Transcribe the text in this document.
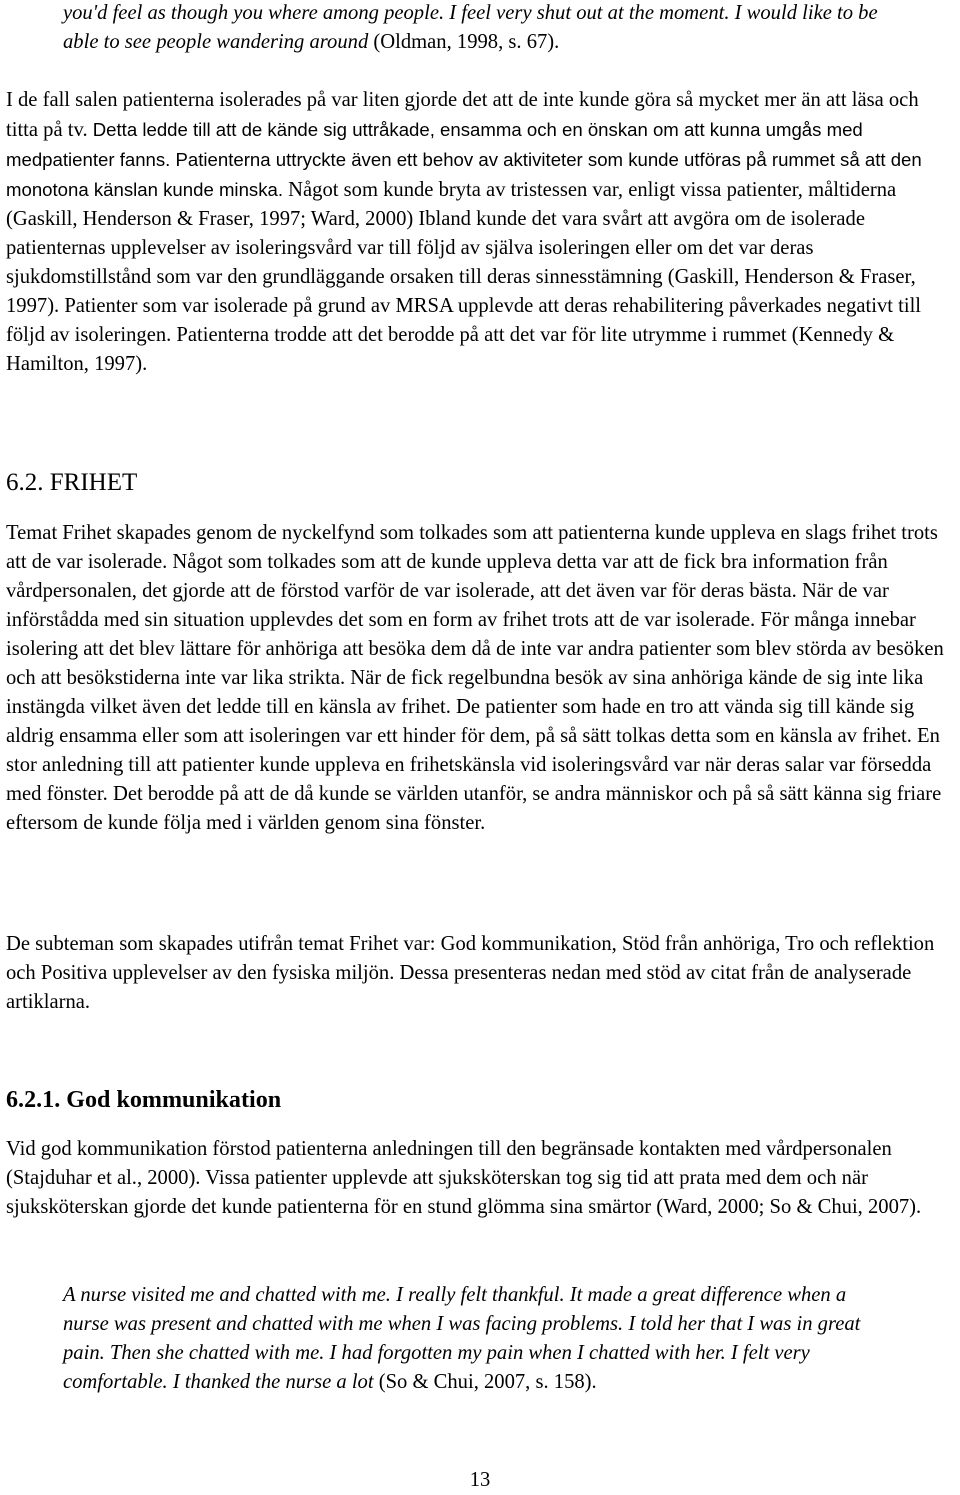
you'd feel as though you where among people. I feel very shut out at the moment. I would like to be able to see people wandering around (Oldman, 1998, s. 67).

I de fall salen patienterna isolerades på var liten gjorde det att de inte kunde göra så mycket mer än att läsa och titta på tv. Detta ledde till att de kände sig uttråkade, ensamma och en önskan om att kunna umgås med medpatienter fanns. Patienterna uttryckte även ett behov av aktiviteter som kunde utföras på rummet så att den monotona känslan kunde minska. Något som kunde bryta av tristessen var, enligt vissa patienter, måltiderna (Gaskill, Henderson & Fraser, 1997; Ward, 2000) Ibland kunde det vara svårt att avgöra om de isolerade patienternas upplevelser av isoleringsvård var till följd av själva isoleringen eller om det var deras sjukdomstillstånd som var den grundläggande orsaken till deras sinnesstämning (Gaskill, Henderson & Fraser, 1997). Patienter som var isolerade på grund av MRSA upplevde att deras rehabilitering påverkades negativt till följd av isoleringen. Patienterna trodde att det berodde på att det var för lite utrymme i rummet (Kennedy & Hamilton, 1997).

6.2. FRIHET

Temat Frihet skapades genom de nyckelfynd som tolkades som att patienterna kunde uppleva en slags frihet trots att de var isolerade. Något som tolkades som att de kunde uppleva detta var att de fick bra information från vårdpersonalen, det gjorde att de förstod varför de var isolerade, att det även var för deras bästa. När de var införstådda med sin situation upplevdes det som en form av frihet trots att de var isolerade. För många innebar isolering att det blev lättare för anhöriga att besöka dem då de inte var andra patienter som blev störda av besöken och att besökstiderna inte var lika strikta. När de fick regelbundna besök av sina anhöriga kände de sig inte lika instängda vilket även det ledde till en känsla av frihet. De patienter som hade en tro att vända sig till kände sig aldrig ensamma eller som att isoleringen var ett hinder för dem, på så sätt tolkas detta som en känsla av frihet. En stor anledning till att patienter kunde uppleva en frihetskänsla vid isoleringsvård var när deras salar var försedda med fönster. Det berodde på att de då kunde se världen utanför, se andra människor och på så sätt känna sig friare eftersom de kunde följa med i världen genom sina fönster.

De subteman som skapades utifrån temat Frihet var: God kommunikation, Stöd från anhöriga, Tro och reflektion och Positiva upplevelser av den fysiska miljön. Dessa presenteras nedan med stöd av citat från de analyserade artiklarna.

6.2.1. God kommunikation

Vid god kommunikation förstod patienterna anledningen till den begränsade kontakten med vårdpersonalen (Stajduhar et al., 2000). Vissa patienter upplevde att sjuksköterskan tog sig tid att prata med dem och när sjuksköterskan gjorde det kunde patienterna för en stund glömma sina smärtor (Ward, 2000; So & Chui, 2007).

A nurse visited me and chatted with me. I really felt thankful. It made a great difference when a nurse was present and chatted with me when I was facing problems. I told her that I was in great pain. Then she chatted with me. I had forgotten my pain when I chatted with her. I felt very comfortable. I thanked the nurse a lot (So & Chui, 2007, s. 158).

13
